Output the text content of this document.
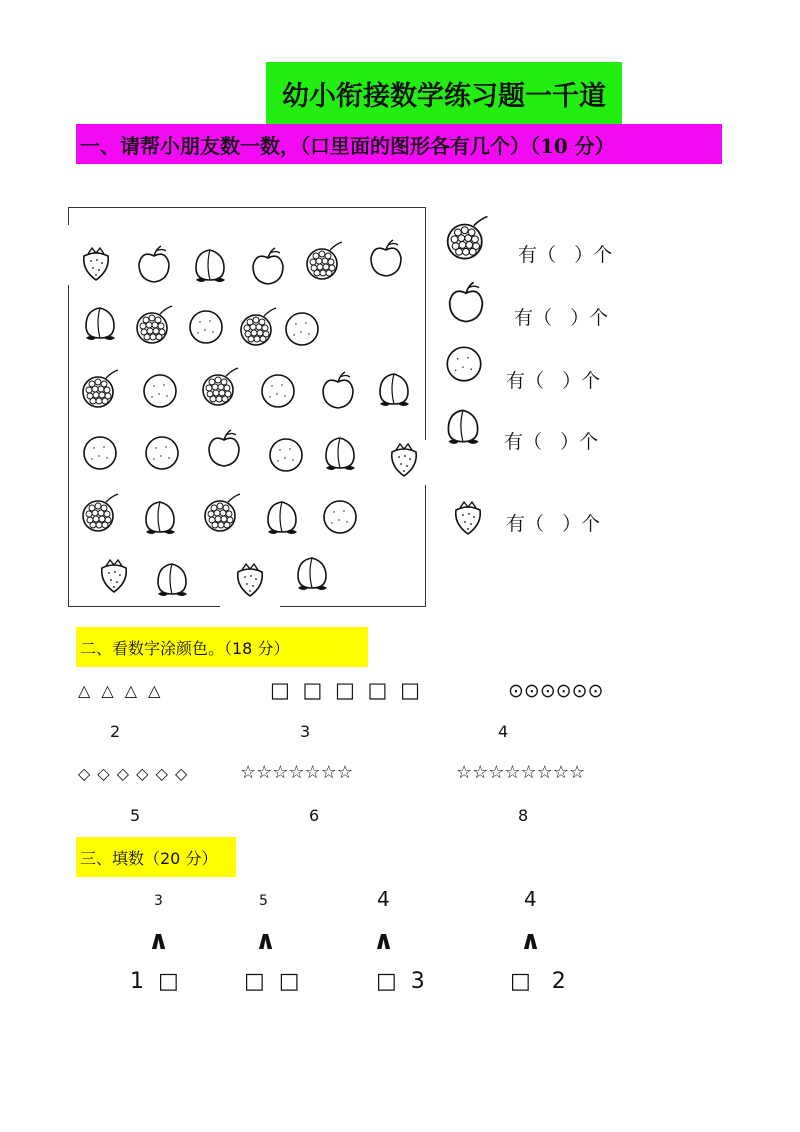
幼小衔接数学练习题一千道
一、请帮小朋友数一数，（口里面的图形各有几个）（10 分）
有（   ）个
有（   ）个
有（   ）个
有（   ）个
有（   ）个
二、看数字涂颜色。（18 分）
△ △ △ △	□ □ □ □ □	⊙⊙⊙⊙⊙⊙
2	3	4
◇ ◇ ◇ ◇ ◇ ◇	☆☆☆☆☆☆☆	☆☆☆☆☆☆☆☆
5	6	8
三、填数（20 分）
3	5	4	4
∧	∧	∧	∧
1  □	□  □	□  3	□   2
